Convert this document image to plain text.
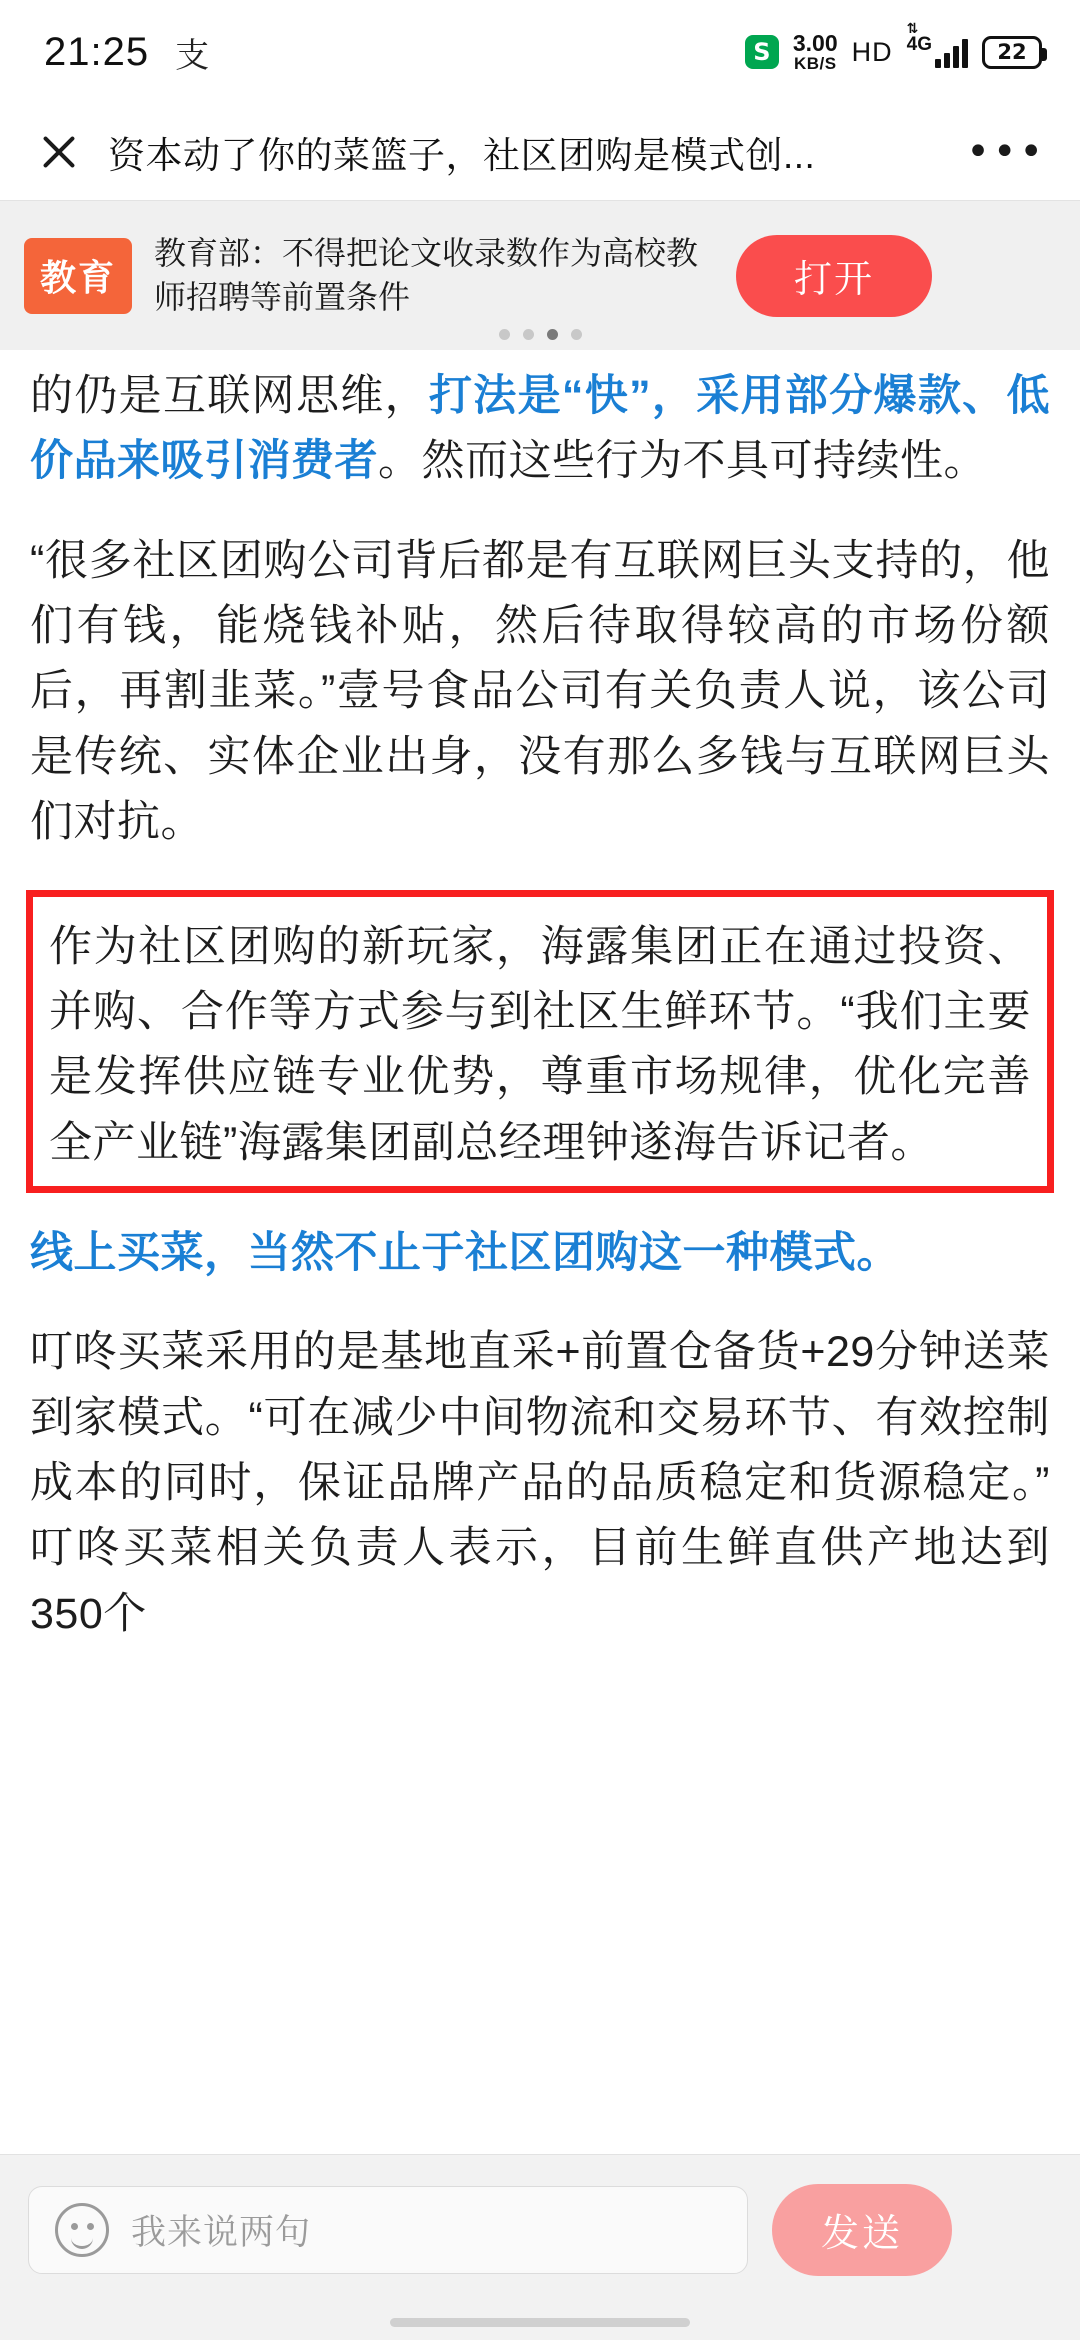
21:25 支	S 3.00
KB/S HD
⇅
4G	22
资本动了你的菜篮子，社区团购是模式创...	•••
教育
教育部：不得把论文收录数作为高校教师招聘等前置条件	打开

的仍是互联网思维，打法是“快”，采用部分爆款、低价品来吸引消费者。然而这些行为不具可持续性。

“很多社区团购公司背后都是有互联网巨头支持的，他们有钱，能烧钱补贴，然后待取得较高的市场份额后，再割韭菜。”壹号食品公司有关负责人说，该公司是传统、实体企业出身，没有那么多钱与互联网巨头们对抗。

作为社区团购的新玩家，海露集团正在通过投资、并购、合作等方式参与到社区生鲜环节。“我们主要是发挥供应链专业优势，尊重市场规律，优化完善全产业链”海露集团副总经理钟遂海告诉记者。

线上买菜，当然不止于社区团购这一种模式。

叮咚买菜采用的是基地直采+前置仓备货+29分钟送菜到家模式。“可在减少中间物流和交易环节、有效控制成本的同时，保证品牌产品的品质稳定和货源稳定。”叮咚买菜相关负责人表示，目前生鲜直供产地达到350个

我来说两句	发送
